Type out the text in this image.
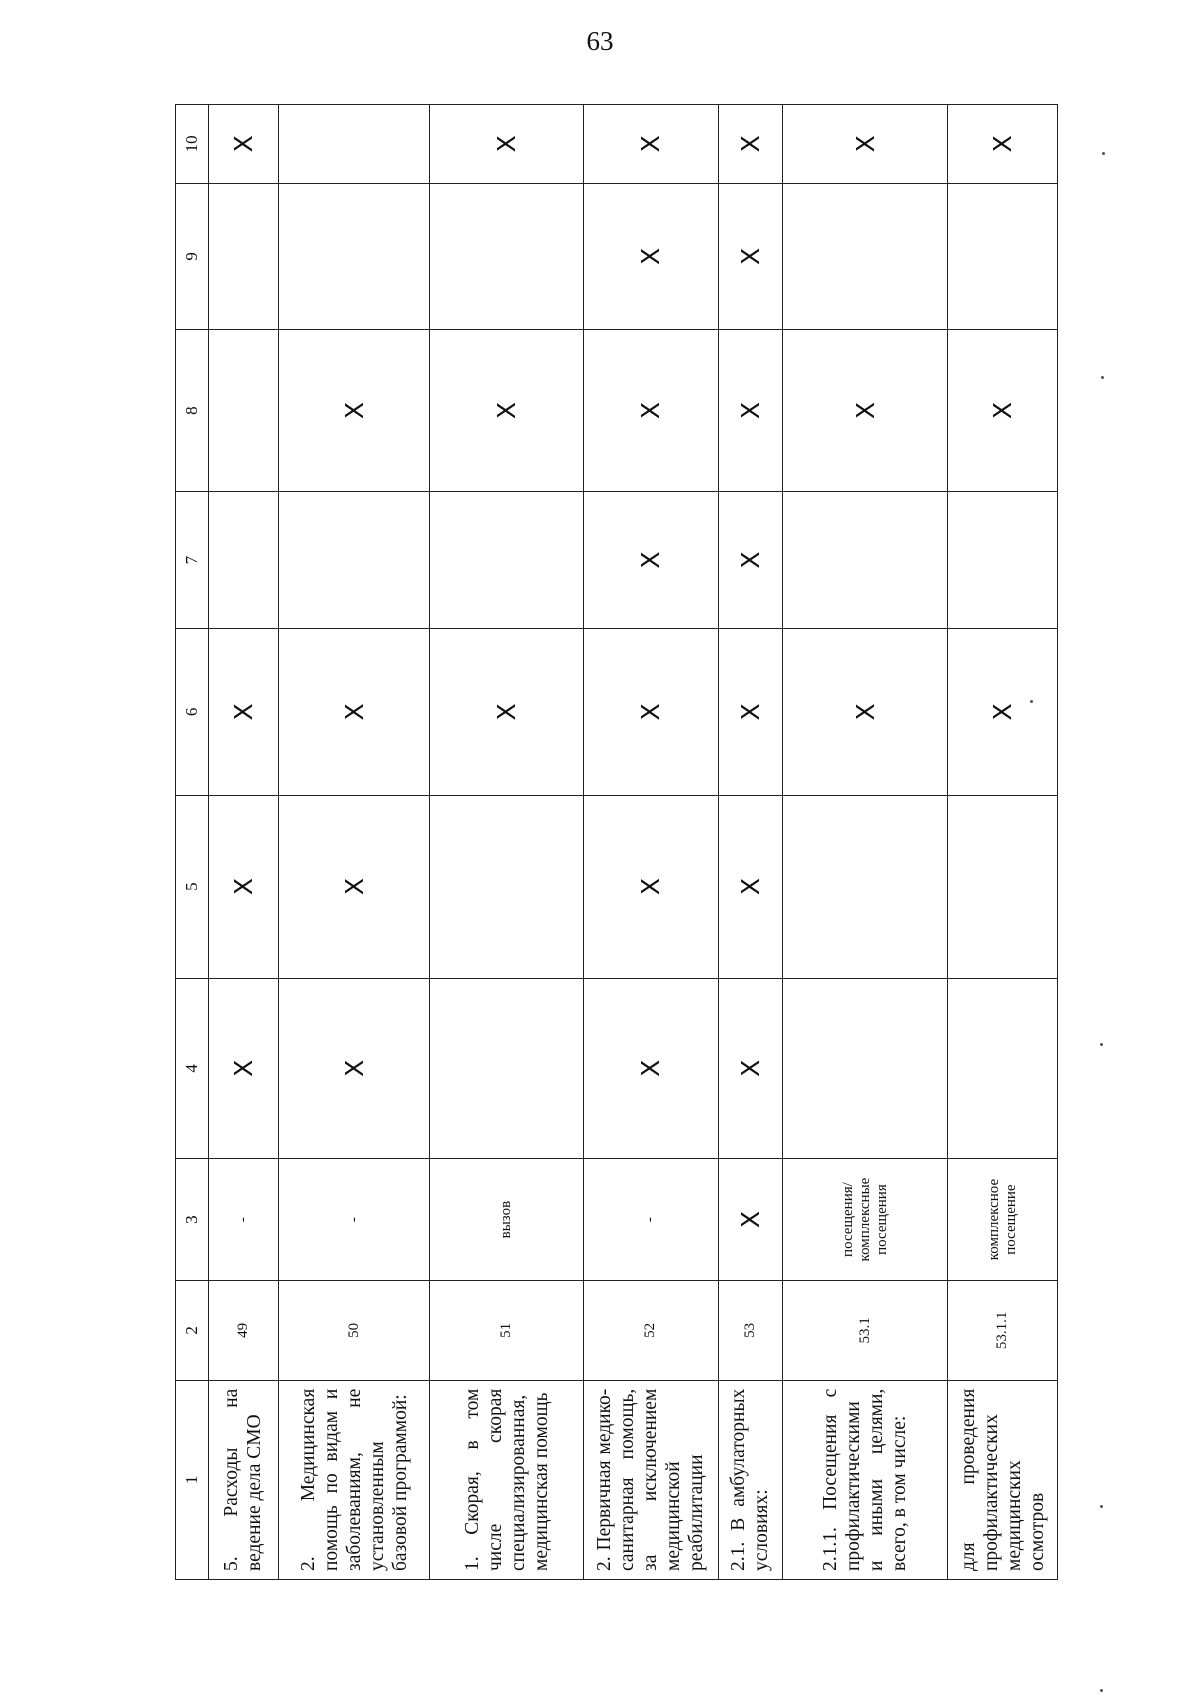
63
1	2	3	4	5	6	7	8	9	10
5. Расходы на ведение дела СМО	49	-	X	X	X				X
2. Медицинская помощь по видам и заболеваниям, не установленным базовой программой:	50	-	X	X	X		X		
1. Скорая, в том числе скорая специализированная, медицинская помощь	51	вызов			X		X		X
2. Первичная медико-санитарная помощь, за исключением медицинской реабилитации	52	-	X	X	X	X	X	X	X
2.1. В амбулаторных условиях:	53	X	X	X	X	X	X	X	X
2.1.1. Посещения с профилактическими и иными целями, всего, в том числе:	53.1	посещения/ комплексные посещения			X		X		X
для проведения профилактических медицинских осмотров	53.1.1	комплексное посещение			X		X		X
